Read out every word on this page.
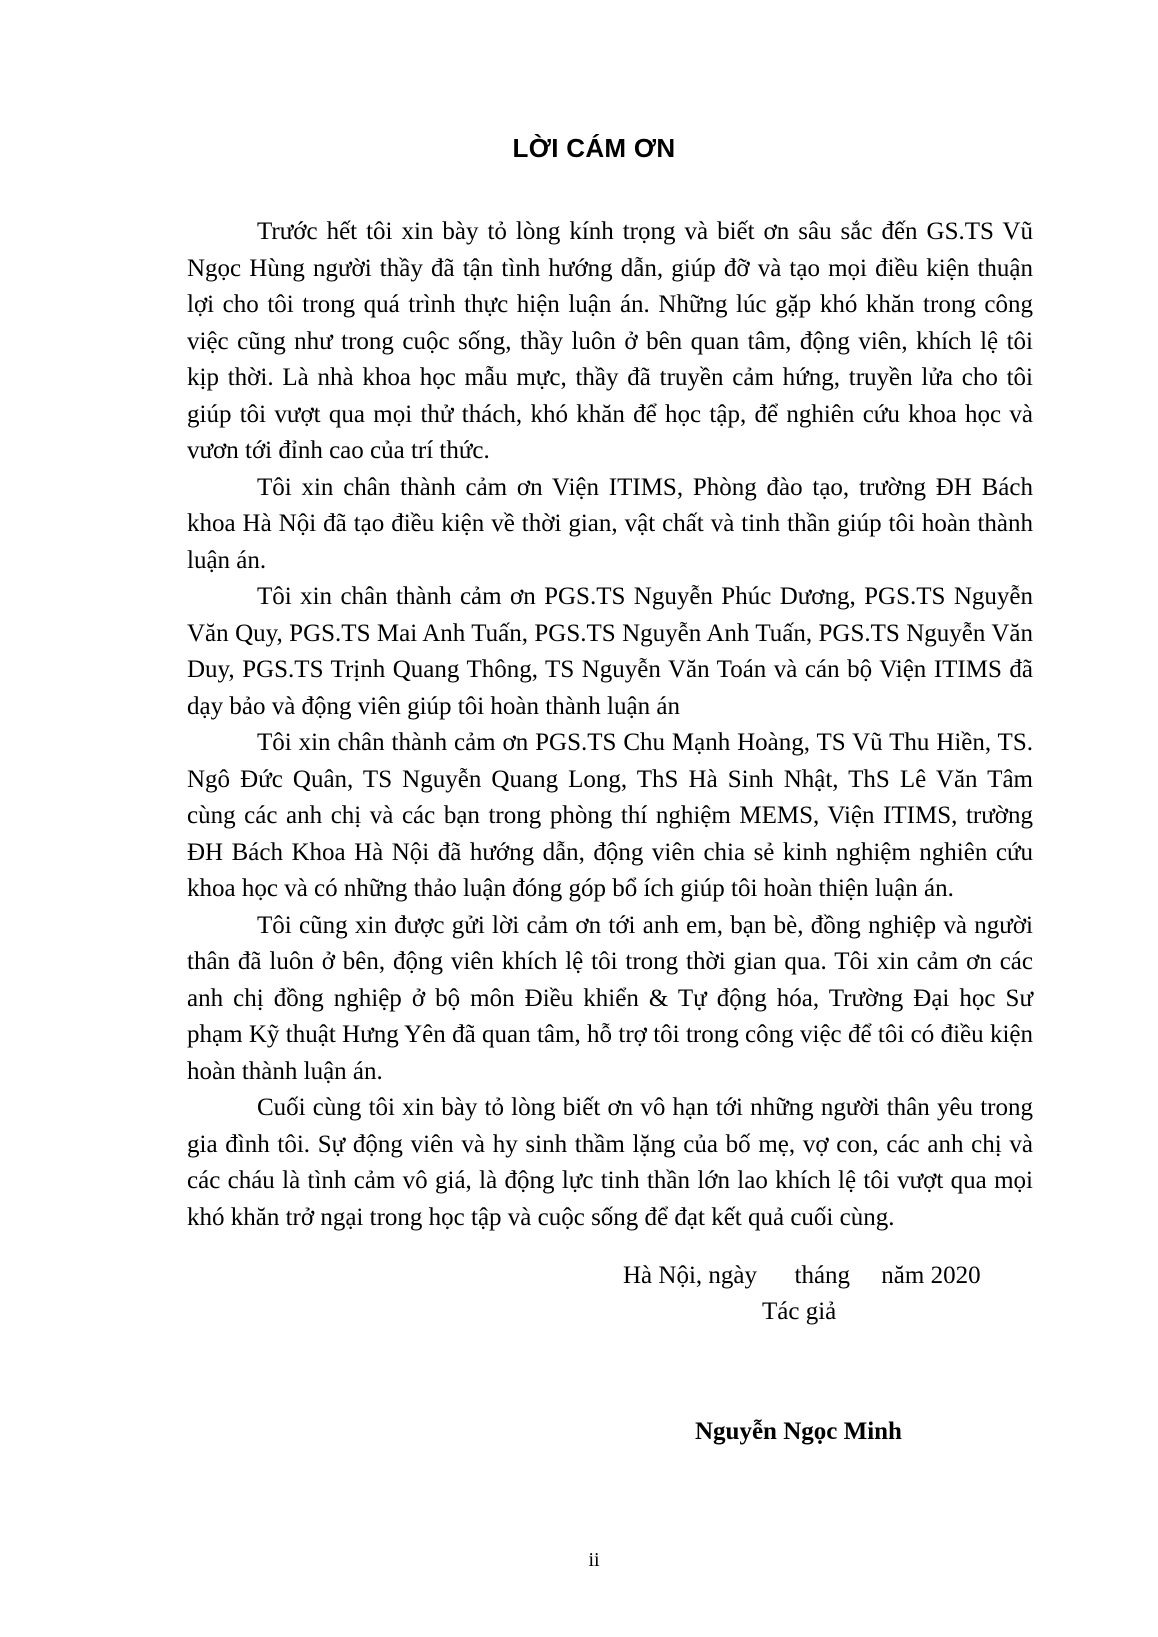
LỜI CÁM ƠN

Trước hết tôi xin bày tỏ lòng kính trọng và biết ơn sâu sắc đến GS.TS Vũ Ngọc Hùng người thầy đã tận tình hướng dẫn, giúp đỡ và tạo mọi điều kiện thuận lợi cho tôi trong quá trình thực hiện luận án. Những lúc gặp khó khăn trong công việc cũng như trong cuộc sống, thầy luôn ở bên quan tâm, động viên, khích lệ tôi kịp thời. Là nhà khoa học mẫu mực, thầy đã truyền cảm hứng, truyền lửa cho tôi giúp tôi vượt qua mọi thử thách, khó khăn để học tập, để nghiên cứu khoa học và vươn tới đỉnh cao của trí thức.

Tôi xin chân thành cảm ơn Viện ITIMS, Phòng đào tạo, trường ĐH Bách khoa Hà Nội đã tạo điều kiện về thời gian, vật chất và tinh thần giúp tôi hoàn thành luận án.

Tôi xin chân thành cảm ơn PGS.TS Nguyễn Phúc Dương, PGS.TS Nguyễn Văn Quy, PGS.TS Mai Anh Tuấn, PGS.TS Nguyễn Anh Tuấn, PGS.TS Nguyễn Văn Duy, PGS.TS Trịnh Quang Thông, TS Nguyễn Văn Toán và cán bộ Viện ITIMS đã dạy bảo và động viên giúp tôi hoàn thành luận án

Tôi xin chân thành cảm ơn PGS.TS Chu Mạnh Hoàng, TS Vũ Thu Hiền, TS. Ngô Đức Quân, TS Nguyễn Quang Long, ThS Hà Sinh Nhật, ThS Lê Văn Tâm cùng các anh chị và các bạn trong phòng thí nghiệm MEMS, Viện ITIMS, trường ĐH Bách Khoa Hà Nội đã hướng dẫn, động viên chia sẻ kinh nghiệm nghiên cứu khoa học và có những thảo luận đóng góp bổ ích giúp tôi hoàn thiện luận án.

Tôi cũng xin được gửi lời cảm ơn tới anh em, bạn bè, đồng nghiệp và người thân đã luôn ở bên, động viên khích lệ tôi trong thời gian qua. Tôi xin cảm ơn các anh chị đồng nghiệp ở bộ môn Điều khiển & Tự động hóa, Trường Đại học Sư phạm Kỹ thuật Hưng Yên đã quan tâm, hỗ trợ tôi trong công việc để tôi có điều kiện hoàn thành luận án.

Cuối cùng tôi xin bày tỏ lòng biết ơn vô hạn tới những người thân yêu trong gia đình tôi. Sự động viên và hy sinh thầm lặng của bố mẹ, vợ con, các anh chị và các cháu là tình cảm vô giá, là động lực tinh thần lớn lao khích lệ tôi vượt qua mọi khó khăn trở ngại trong học tập và cuộc sống để đạt kết quả cuối cùng.

Hà Nội, ngày      tháng     năm 2020
Tác giả
Nguyễn Ngọc Minh
ii
